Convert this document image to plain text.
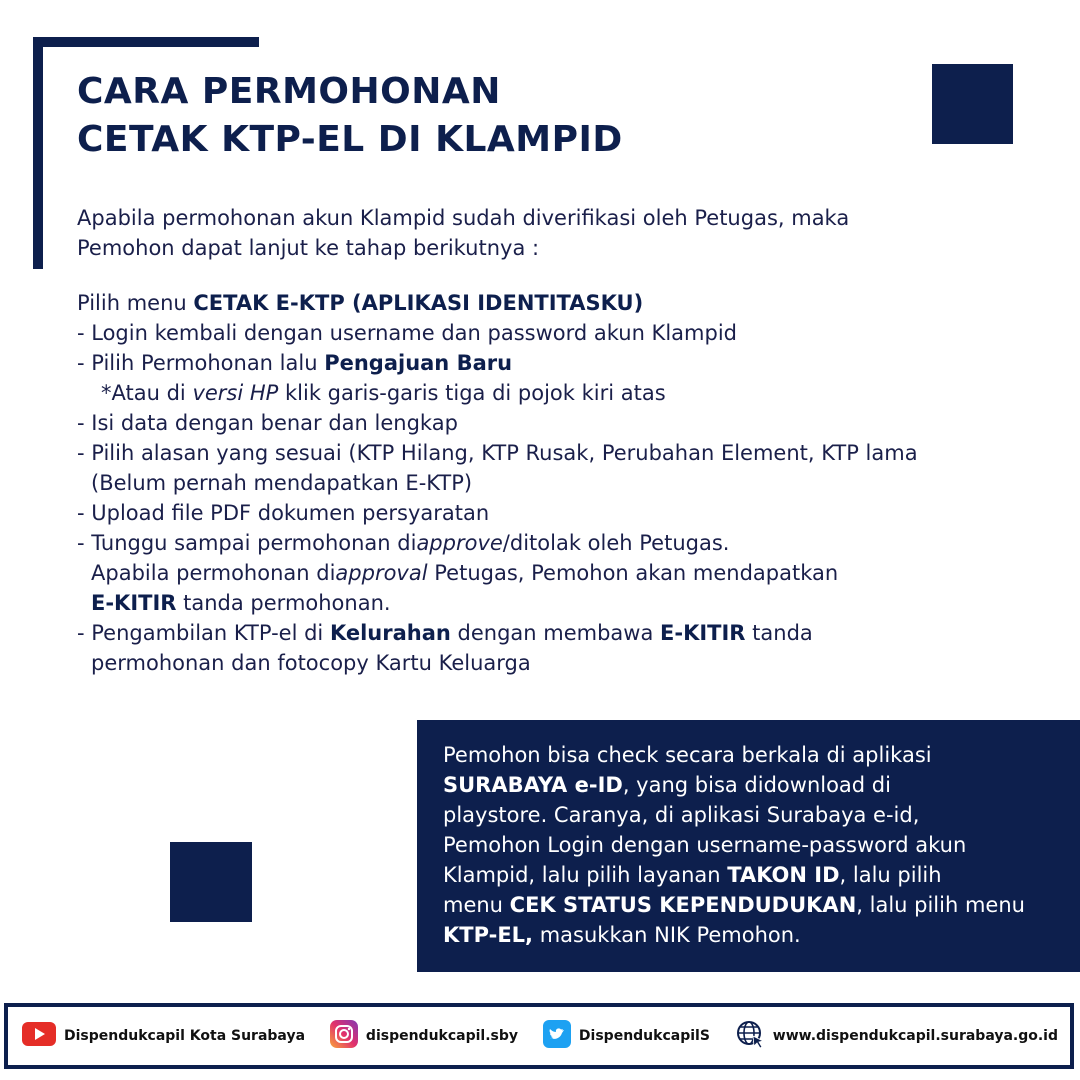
CARA PERMOHONAN
CETAK KTP-EL DI KLAMPID

Apabila permohonan akun Klampid sudah diverifikasi oleh Petugas, maka
Pemohon dapat lanjut ke tahap berikutnya :

Pilih menu CETAK E-KTP (APLIKASI IDENTITASKU)
- Login kembali dengan username dan password akun Klampid
- Pilih Permohonan lalu Pengajuan Baru
*Atau di versi HP klik garis-garis tiga di pojok kiri atas
- Isi data dengan benar dan lengkap
- Pilih alasan yang sesuai (KTP Hilang, KTP Rusak, Perubahan Element, KTP lama
(Belum pernah mendapatkan E-KTP)
- Upload file PDF dokumen persyaratan
- Tunggu sampai permohonan diapprove/ditolak oleh Petugas.
Apabila permohonan diapproval Petugas, Pemohon akan mendapatkan
E-KITIR tanda permohonan.
- Pengambilan KTP-el di Kelurahan dengan membawa E-KITIR tanda
permohonan dan fotocopy Kartu Keluarga

Pemohon bisa check secara berkala di aplikasi
SURABAYA e-ID, yang bisa didownload di
playstore. Caranya, di aplikasi Surabaya e-id,
Pemohon Login dengan username-password akun
Klampid, lalu pilih layanan TAKON ID, lalu pilih
menu CEK STATUS KEPENDUDUKAN, lalu pilih menu
KTP-EL, masukkan NIK Pemohon.

Dispendukcapil Kota Surabaya	dispendukcapil.sby	DispendukcapilS	www.dispendukcapil.surabaya.go.id
